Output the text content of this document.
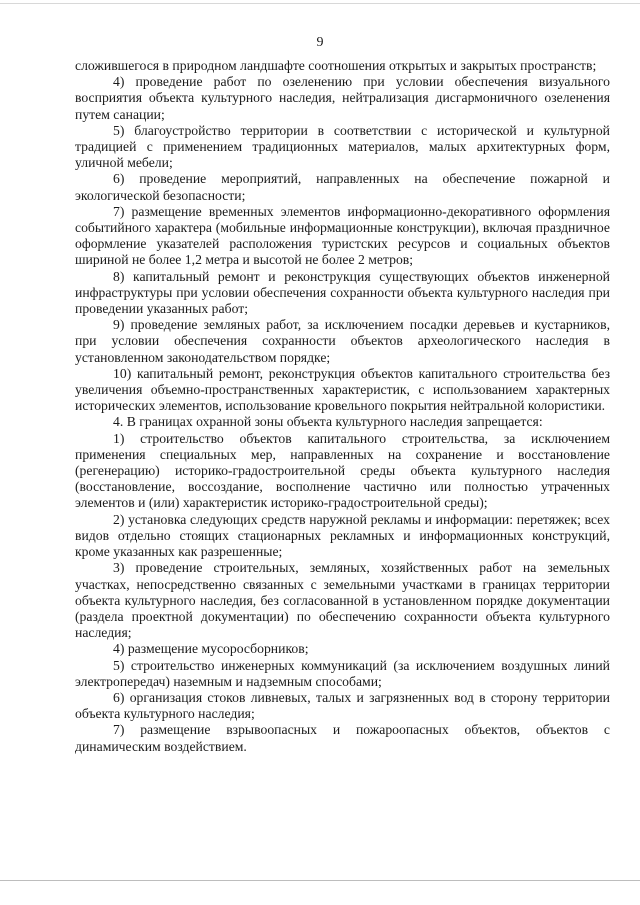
9

сложившегося в природном ландшафте соотношения открытых и закрытых пространств;

4) проведение работ по озеленению при условии обеспечения визуального восприятия объекта культурного наследия, нейтрализация дисгармоничного озеленения путем санации;

5) благоустройство территории в соответствии с исторической и культурной традицией с применением традиционных материалов, малых архитектурных форм, уличной мебели;

6) проведение мероприятий, направленных на обеспечение пожарной и экологической безопасности;

7) размещение временных элементов информационно-декоративного оформления событийного характера (мобильные информационные конструкции), включая праздничное оформление указателей расположения туристских ресурсов и социальных объектов шириной не более 1,2 метра и высотой не более 2 метров;

8) капитальный ремонт и реконструкция существующих объектов инженерной инфраструктуры при условии обеспечения сохранности объекта культурного наследия при проведении указанных работ;

9) проведение земляных работ, за исключением посадки деревьев и кустарников, при условии обеспечения сохранности объектов археологического наследия в установленном законодательством порядке;

10) капитальный ремонт, реконструкция объектов капитального строительства без увеличения объемно-пространственных характеристик, с использованием характерных исторических элементов, использование кровельного покрытия нейтральной колористики.

4. В границах охранной зоны объекта культурного наследия запрещается:

1) строительство объектов капитального строительства, за исключением применения специальных мер, направленных на сохранение и восстановление (регенерацию) историко-градостроительной среды объекта культурного наследия (восстановление, воссоздание, восполнение частично или полностью утраченных элементов и (или) характеристик историко-градостроительной среды);

2) установка следующих средств наружной рекламы и информации: перетяжек; всех видов отдельно стоящих стационарных рекламных и информационных конструкций, кроме указанных как разрешенные;

3) проведение строительных, земляных, хозяйственных работ на земельных участках, непосредственно связанных с земельными участками в границах территории объекта культурного наследия, без согласованной в установленном порядке документации (раздела проектной документации) по обеспечению сохранности объекта культурного наследия;

4) размещение мусоросборников;

5) строительство инженерных коммуникаций (за исключением воздушных линий электропередач) наземным и надземным способами;

6) организация стоков ливневых, талых и загрязненных вод в сторону территории объекта культурного наследия;

7) размещение взрывоопасных и пожароопасных объектов, объектов с динамическим воздействием.
